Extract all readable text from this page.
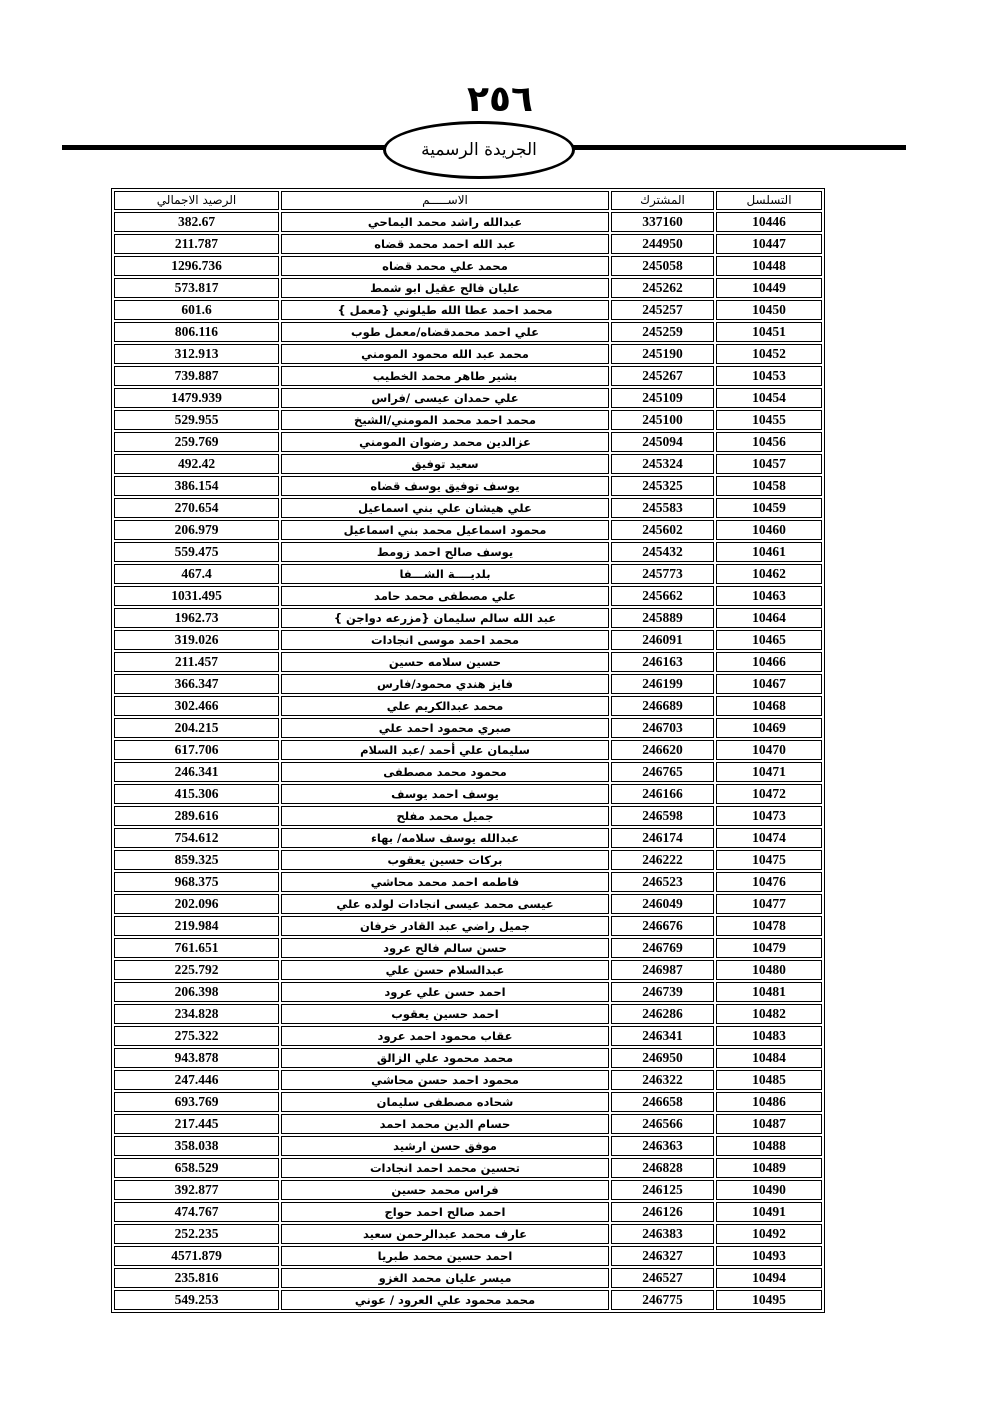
٢٥٦
الجريدة الرسمية
الرصيد الاجمالي	الاســـــم	المشترك	التسلسل
382.67	عبدالله راشد محمد اليماحي	337160	10446
211.787	عبد الله احمد محمد قضاه	244950	10447
1296.736	محمد علي محمد قضاه	245058	10448
573.817	عليان فالح عقيل ابو شمط	245262	10449
601.6	محمد احمد عطا الله طيلوني {معمل }	245257	10450
806.116	علي احمد محمدقضاه/معمل طوب	245259	10451
312.913	محمد عبد الله محمود المومني	245190	10452
739.887	بشير طاهر محمد الخطيب	245267	10453
1479.939	علي حمدان عيسى /فراس	245109	10454
529.955	محمد احمد محمد المومني/الشيخ	245100	10455
259.769	عزالدين محمد رضوان المومني	245094	10456
492.42	سعيد توفيق	245324	10457
386.154	يوسف توفيق يوسف قضاه	245325	10458
270.654	علي هيشان علي بني اسماعيل	245583	10459
206.979	محمود اسماعيل محمد بني اسماعيل	245602	10460
559.475	يوسف صالح احمد زومط	245432	10461
467.4	بلديــــة الشـــفا	245773	10462
1031.495	علي مصطفى محمد حامد	245662	10463
1962.73	عبد الله سالم سليمان {مزرعه دواجن }	245889	10464
319.026	محمد احمد موسى انجادات	246091	10465
211.457	حسين سلامه حسين	246163	10466
366.347	فايز هندي محمود/فارس	246199	10467
302.466	محمد عبدالكريم علي	246689	10468
204.215	صبري محمود احمد علي	246703	10469
617.706	سليمان علي أحمد /عبد السلام	246620	10470
246.341	محمود محمد مصطفى	246765	10471
415.306	يوسف احمد يوسف	246166	10472
289.616	جميل محمد مفلح	246598	10473
754.612	عبدالله يوسف سلامه/ بهاء	246174	10474
859.325	بركات حسين يعقوب	246222	10475
968.375	فاطمه احمد محمد محاشي	246523	10476
202.096	عيسى محمد عيسى انجادات لولده علي	246049	10477
219.984	جميل راضي عبد القادر خرفان	246676	10478
761.651	حسن سالم فالح عرود	246769	10479
225.792	عبدالسلام حسن علي	246987	10480
206.398	احمد حسن علي عرود	246739	10481
234.828	احمد حسين يعقوب	246286	10482
275.322	عقاب محمود احمد عرود	246341	10483
943.878	محمد محمود علي الزالق	246950	10484
247.446	محمود احمد حسن محاشي	246322	10485
693.769	شحاده مصطفى سليمان	246658	10486
217.445	حسام الدين محمد احمد	246566	10487
358.038	موفق حسن ارشيد	246363	10488
658.529	تحسين محمد احمد انجادات	246828	10489
392.877	فراس محمد حسين	246125	10490
474.767	احمد صالح احمد حواج	246126	10491
252.235	عارف محمد عبدالرحمن سعيد	246383	10492
4571.879	احمد حسين محمد طبريا	246327	10493
235.816	ميسر عليان محمد الغزو	246527	10494
549.253	محمد محمود علي العرود / عوني	246775	10495
